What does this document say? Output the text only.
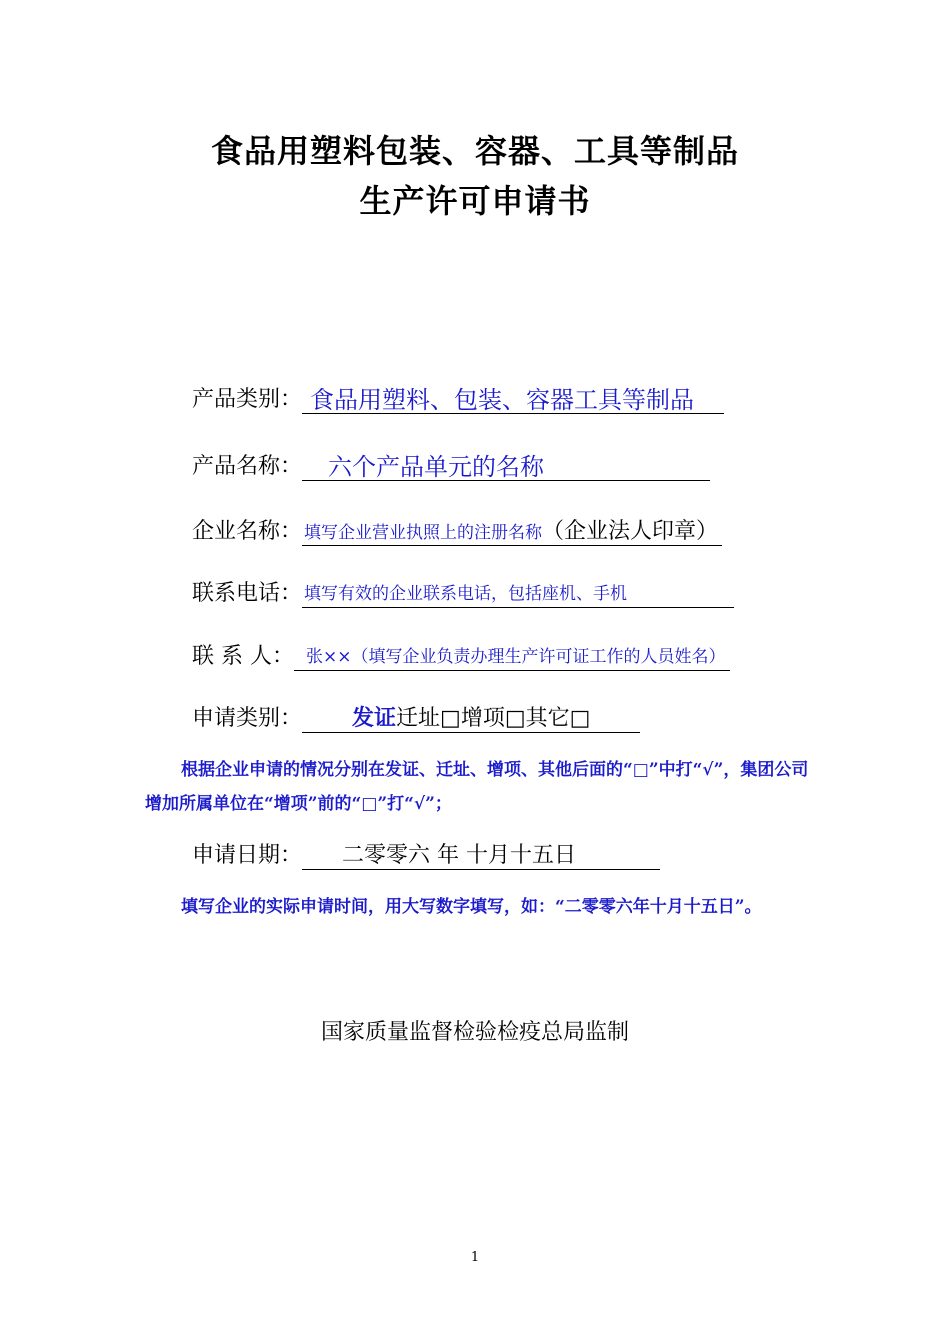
食品用塑料包装、容器、工具等制品
生产许可申请书
产品类别： 食品用塑料、包装、容器工具等制品
产品名称： 六个产品单元的名称
企业名称： 填写企业营业执照上的注册名称（企业法人印章）
联系电话： 填写有效的企业联系电话，包括座机、手机
联 系 人： 张××（填写企业负责办理生产许可证工作的人员姓名）
申请类别： 发证迁址□增项□其它□
根据企业申请的情况分别在发证、迁址、增项、其他后面的“□”中打“√”，集团公司增加所属单位在“增项”前的“□”打“√”；
申请日期： 二零零六 年 十月十五日
填写企业的实际申请时间，用大写数字填写，如：“二零零六年十月十五日”。
国家质量监督检验检疫总局监制
1
